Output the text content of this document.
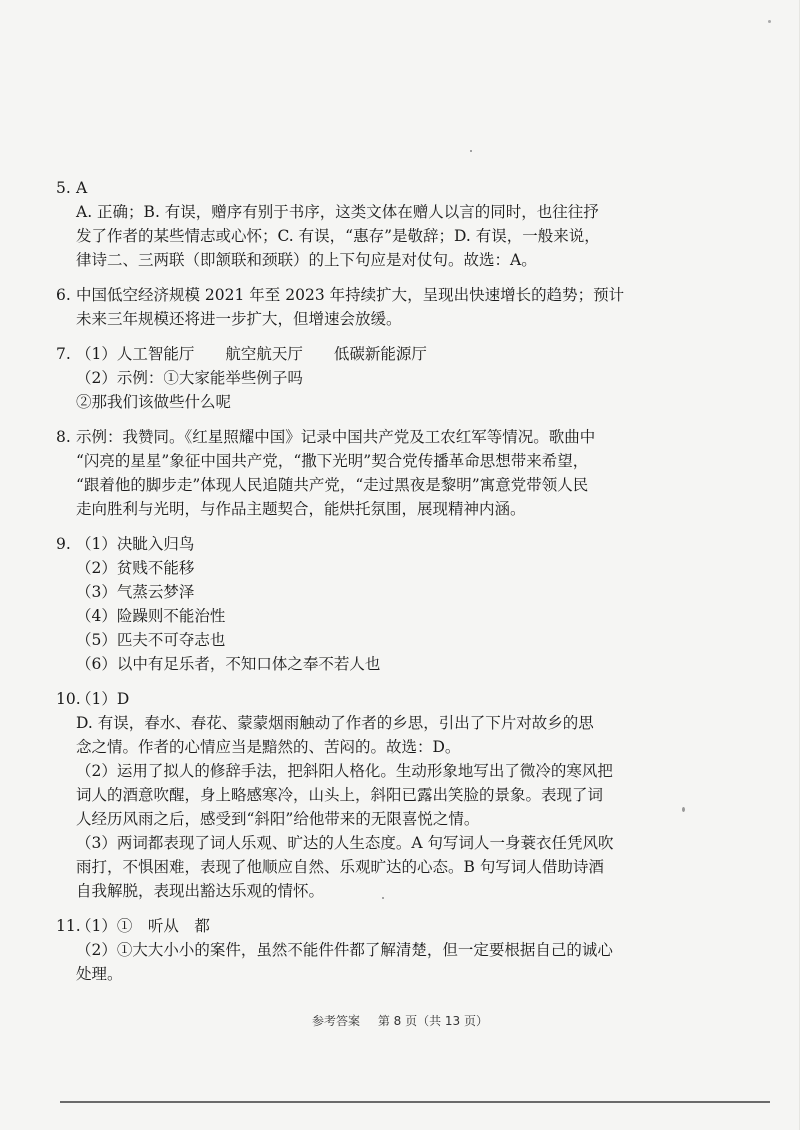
5. A
A. 正确；B. 有误，赠序有别于书序，这类文体在赠人以言的同时，也往往抒
发了作者的某些情志或心怀；C. 有误，“惠存”是敬辞；D. 有误，一般来说，
律诗二、三两联（即颔联和颈联）的上下句应是对仗句。故选：A。
6. 中国低空经济规模 2021 年至 2023 年持续扩大，呈现出快速增长的趋势；预计
未来三年规模还将进一步扩大，但增速会放缓。
7. （1）人工智能厅　　航空航天厅　　低碳新能源厅
（2）示例：①大家能举些例子吗
②那我们该做些什么呢
8. 示例：我赞同。《红星照耀中国》记录中国共产党及工农红军等情况。歌曲中
“闪亮的星星”象征中国共产党，“撒下光明”契合党传播革命思想带来希望，
“跟着他的脚步走”体现人民追随共产党，“走过黑夜是黎明”寓意党带领人民
走向胜利与光明，与作品主题契合，能烘托氛围，展现精神内涵。
9. （1）决眦入归鸟
（2）贫贱不能移
（3）气蒸云梦泽
（4）险躁则不能治性
（5）匹夫不可夺志也
（6）以中有足乐者，不知口体之奉不若人也
10.
（1）D
D. 有误，春水、春花、蒙蒙烟雨触动了作者的乡思，引出了下片对故乡的思
念之情。作者的心情应当是黯然的、苦闷的。故选：D。
（2）运用了拟人的修辞手法，把斜阳人格化。生动形象地写出了微冷的寒风把
词人的酒意吹醒，身上略感寒冷，山头上，斜阳已露出笑脸的景象。表现了词
人经历风雨之后，感受到“斜阳”给他带来的无限喜悦之情。
（3）两词都表现了词人乐观、旷达的人生态度。A 句写词人一身蓑衣任凭风吹
雨打，不惧困难，表现了他顺应自然、乐观旷达的心态。B 句写词人借助诗酒
自我解脱，表现出豁达乐观的情怀。
11.
（1）①　听从　都
（2）①大大小小的案件，虽然不能件件都了解清楚，但一定要根据自己的诚心
处理。
参考答案 第 8 页（共 13 页）
